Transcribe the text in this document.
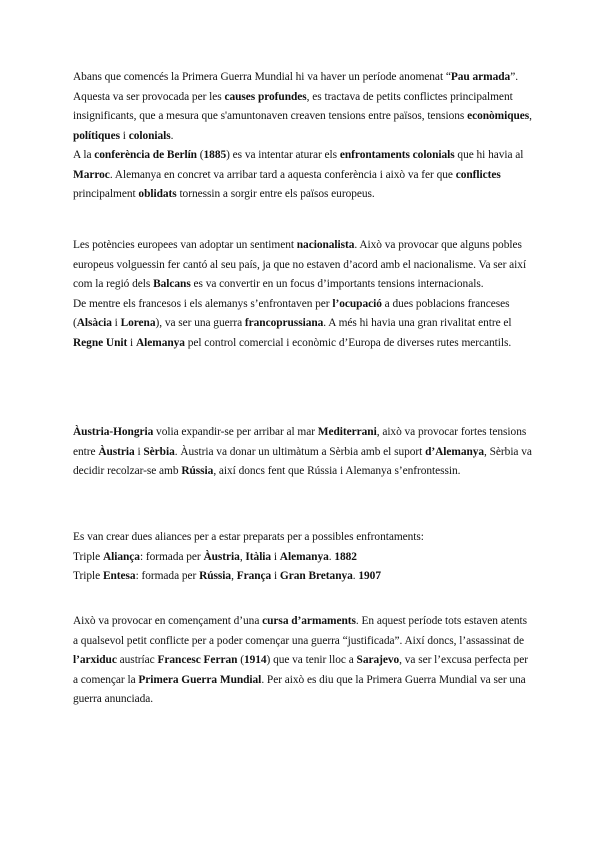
Abans que comencés la Primera Guerra Mundial hi va haver un període anomenat “Pau armada”. Aquesta va ser provocada per les causes profundes, es tractava de petits conflictes principalment insignificants, que a mesura que s'amuntonaven creaven tensions entre països, tensions econòmiques, polítiques i colonials.

A la conferència de Berlín (1885) es va intentar aturar els enfrontaments colonials que hi havia al Marroc. Alemanya en concret va arribar tard a aquesta conferència i això va fer que conflictes principalment oblidats tornessin a sorgir entre els països europeus.

Les potències europees van adoptar un sentiment nacionalista. Això va provocar que alguns pobles europeus volguessin fer cantó al seu país, ja que no estaven d’acord amb el nacionalisme. Va ser així com la regió dels Balcans es va convertir en un focus d’importants tensions internacionals.

De mentre els francesos i els alemanys s’enfrontaven per l’ocupació a dues poblacions franceses (Alsàcia i Lorena), va ser una guerra francoprussiana. A més hi havia una gran rivalitat entre el Regne Unit i Alemanya pel control comercial i econòmic d’Europa de diverses rutes mercantils.

Àustria-Hongria volia expandir-se per arribar al mar Mediterrani, això va provocar fortes tensions entre Àustria i Sèrbia. Àustria va donar un ultimàtum a Sèrbia amb el suport d’Alemanya, Sèrbia va decidir recolzar-se amb Rússia, així doncs fent que Rússia i Alemanya s’enfrontessin.

Es van crear dues aliances per a estar preparats per a possibles enfrontaments:

Triple Aliança: formada per Àustria, Itàlia i Alemanya. 1882

Triple Entesa: formada per Rússia, França i Gran Bretanya. 1907

Això va provocar en començament d’una cursa d’armaments. En aquest període tots estaven atents a qualsevol petit conflicte per a poder començar una guerra “justificada”. Així doncs, l’assassinat de l’arxiduc austríac Francesc Ferran (1914) que va tenir lloc a Sarajevo, va ser l’excusa perfecta per a començar la Primera Guerra Mundial. Per això es diu que la Primera Guerra Mundial va ser una guerra anunciada.
